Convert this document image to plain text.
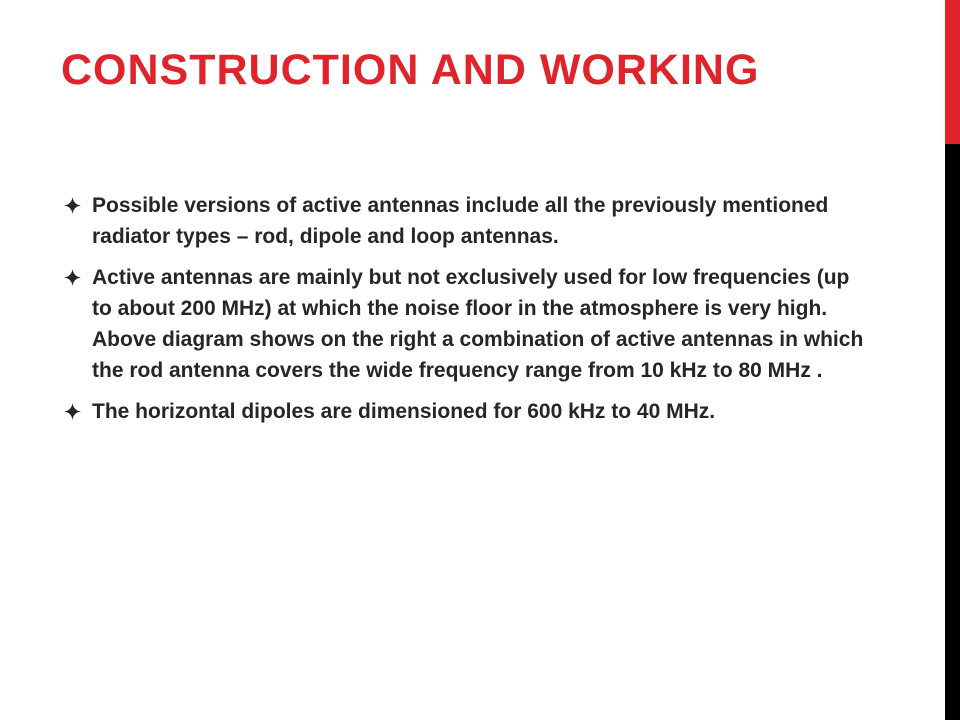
CONSTRUCTION AND WORKING
Possible versions of active antennas include all the previously mentioned radiator types – rod, dipole and loop antennas.
Active antennas are mainly but not exclusively used for low frequencies (up to about 200 MHz) at which the noise floor in the atmosphere is very high. Above diagram shows on the right a combination of active antennas in which the rod antenna covers the wide frequency range from 10 kHz to 80 MHz .
The horizontal dipoles are dimensioned for 600 kHz to 40 MHz.
